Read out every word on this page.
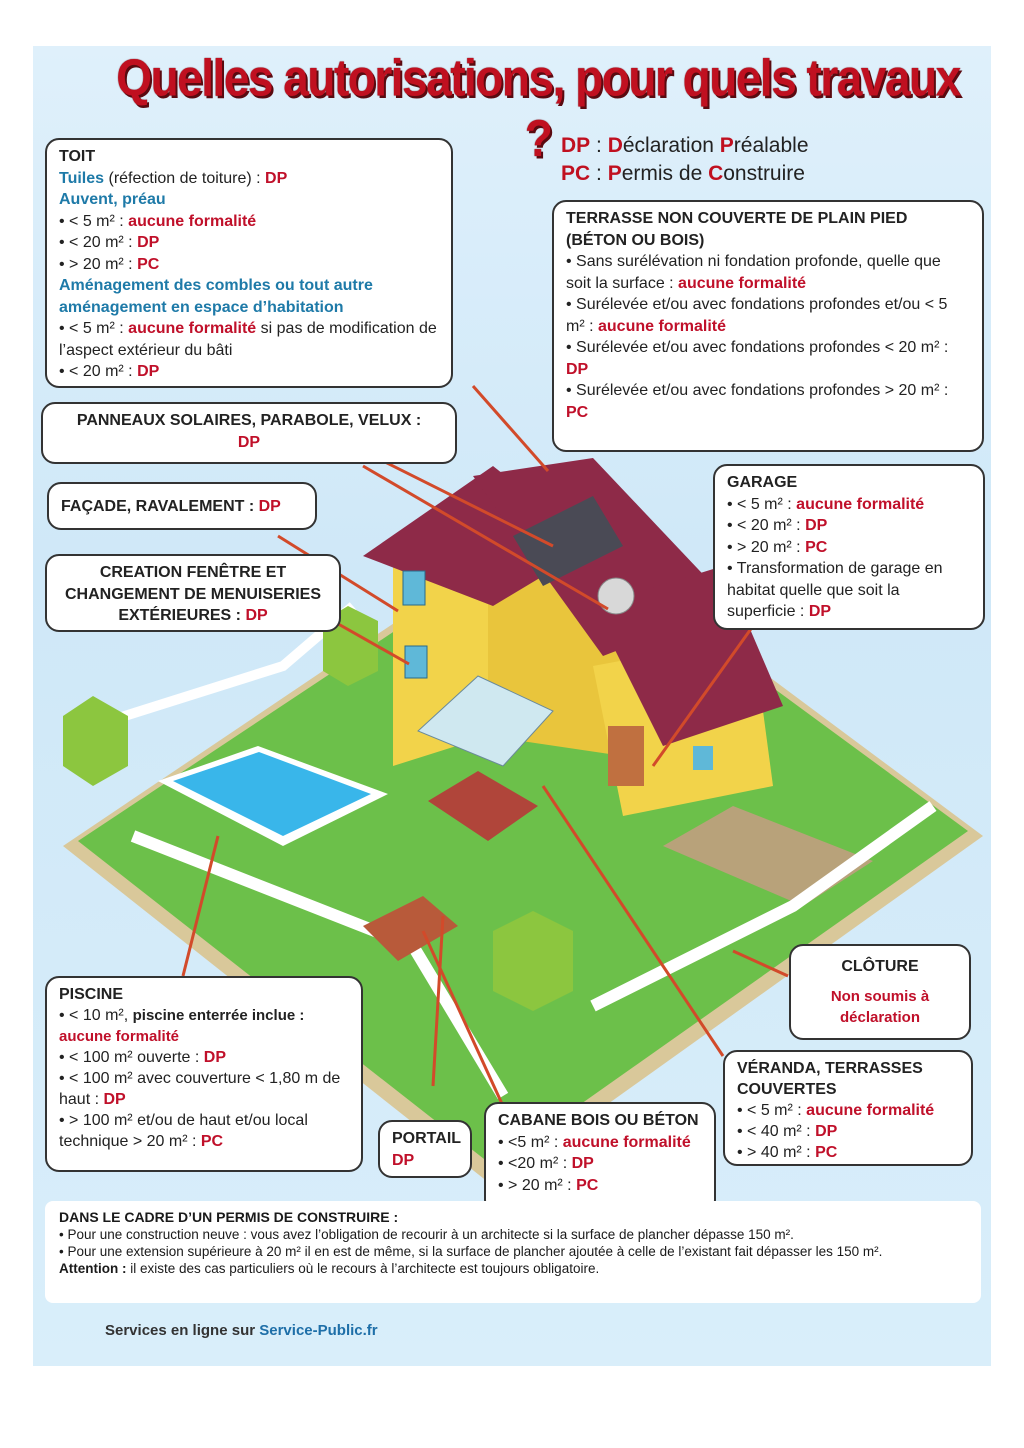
Quelles autorisations, pour quels travaux ? DP : Déclaration Préalable
PC : Permis de Construire
TOIT
Tuiles (réfection de toiture) : DP
Auvent, préau
• < 5 m² : aucune formalité
• < 20 m² : DP
• > 20 m² : PC
Aménagement des combles ou tout autre aménagement en espace d’habitation
• < 5 m² : aucune formalité si pas de modification de l’aspect extérieur du bâti
• < 20 m² : DP
PANNEAUX SOLAIRES, PARABOLE, VELUX :
DP
FAÇADE, RAVALEMENT : DP
CREATION FENÊTRE ET CHANGEMENT DE MENUISERIES EXTÉRIEURES : DP
TERRASSE NON COUVERTE DE PLAIN PIED (BÉTON OU BOIS)
• Sans surélévation ni fondation profonde, quelle que soit la surface : aucune formalité
• Surélevée et/ou avec fondations profondes et/ou < 5 m² : aucune formalité
• Surélevée et/ou avec fondations profondes < 20 m² : DP
• Surélevée et/ou avec fondations profondes > 20 m² : PC
GARAGE
• < 5 m² : aucune formalité
• < 20 m² : DP
• > 20 m² : PC
• Transformation de garage en habitat quelle que soit la superficie : DP
CLÔTURE
Non soumis à déclaration
PISCINE
• < 10 m², piscine enterrée inclue :
aucune formalité
• < 100 m² ouverte : DP
• < 100 m² avec couverture < 1,80 m de haut : DP
• > 100 m² et/ou de haut et/ou local technique > 20 m² : PC	PORTAIL
DP
CABANE BOIS OU BÉTON
• <5 m² : aucune formalité
• <20 m² : DP
• > 20 m² : PC
VÉRANDA, TERRASSES COUVERTES
• < 5 m² : aucune formalité
• < 40 m² : DP
• > 40 m² : PC
DANS LE CADRE D’UN PERMIS DE CONSTRUIRE :
• Pour une construction neuve : vous avez l’obligation de recourir à un architecte si la surface de plancher dépasse 150 m².
• Pour une extension supérieure à 20 m² il en est de même, si la surface de plancher ajoutée à celle de l’existant fait dépasser les 150 m².
Attention : il existe des cas particuliers où le recours à l’architecte est toujours obligatoire.
Services en ligne sur Service-Public.fr
